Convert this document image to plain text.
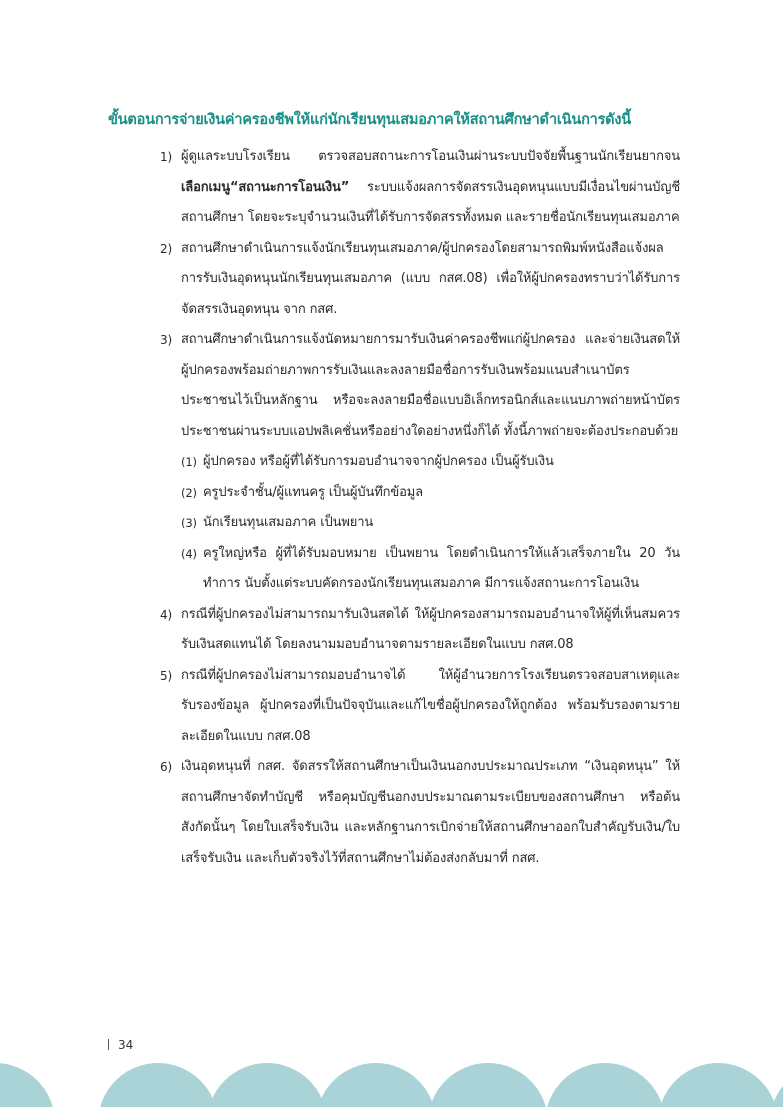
ขั้นตอนการจ่ายเงินค่าครองชีพให้แก่นักเรียนทุนเสมอภาคให้สถานศึกษาดำเนินการดังนี้
1) ผู้ดูแลระบบโรงเรียน ตรวจสอบสถานะการโอนเงินผ่านระบบปัจจัยพื้นฐานนักเรียนยากจน เลือกเมนู“สถานะการโอนเงิน” ระบบแจ้งผลการจัดสรรเงินอุดหนุนแบบมีเงื่อนไขผ่านบัญชีสถานศึกษา โดยจะระบุจำนวนเงินที่ได้รับการจัดสรรทั้งหมด และรายชื่อนักเรียนทุนเสมอภาค
2) สถานศึกษาดำเนินการแจ้งนักเรียนทุนเสมอภาค/ผู้ปกครองโดยสามารถพิมพ์หนังสือแจ้งผลการรับเงินอุดหนุนนักเรียนทุนเสมอภาค (แบบ กสศ.08) เพื่อให้ผู้ปกครองทราบว่าได้รับการจัดสรรเงินอุดหนุน จาก กสศ.
3) สถานศึกษาดำเนินการแจ้งนัดหมายการมารับเงินค่าครองชีพแก่ผู้ปกครอง และจ่ายเงินสดให้ผู้ปกครองพร้อมถ่ายภาพการรับเงินและลงลายมือชื่อการรับเงินพร้อมแนบสำเนาบัตรประชาชนไว้เป็นหลักฐาน หรือจะลงลายมือชื่อแบบอิเล็กทรอนิกส์และแนบภาพถ่ายหน้าบัตรประชาชนผ่านระบบแอปพลิเคชั่นหรืออย่างใดอย่างหนึ่งก็ได้ ทั้งนี้ภาพถ่ายจะต้องประกอบด้วย
(1) ผู้ปกครอง หรือผู้ที่ได้รับการมอบอำนาจจากผู้ปกครอง เป็นผู้รับเงิน
(2) ครูประจำชั้น/ผู้แทนครู เป็นผู้บันทึกข้อมูล
(3) นักเรียนทุนเสมอภาค เป็นพยาน
(4) ครูใหญ่หรือ ผู้ที่ได้รับมอบหมาย เป็นพยาน โดยดำเนินการให้แล้วเสร็จภายใน 20 วันทำการ นับตั้งแต่ระบบคัดกรองนักเรียนทุนเสมอภาค มีการแจ้งสถานะการโอนเงิน
4) กรณีที่ผู้ปกครองไม่สามารถมารับเงินสดได้ ให้ผู้ปกครองสามารถมอบอำนาจให้ผู้ที่เห็นสมควรรับเงินสดแทนได้ โดยลงนามมอบอำนาจตามรายละเอียดในแบบ กสศ.08
5) กรณีที่ผู้ปกครองไม่สามารถมอบอำนาจได้ ให้ผู้อำนวยการโรงเรียนตรวจสอบสาเหตุและรับรองข้อมูล ผู้ปกครองที่เป็นปัจจุบันและแก้ไขชื่อผู้ปกครองให้ถูกต้อง พร้อมรับรองตามรายละเอียดในแบบ กสศ.08
6) เงินอุดหนุนที่ กสศ. จัดสรรให้สถานศึกษาเป็นเงินนอกงบประมาณประเภท “เงินอุดหนุน” ให้สถานศึกษาจัดทำบัญชี หรือคุมบัญชีนอกงบประมาณตามระเบียบของสถานศึกษา หรือต้นสังกัดนั้นๆ โดยใบเสร็จรับเงิน และหลักฐานการเบิกจ่ายให้สถานศึกษาออกใบสำคัญรับเงิน/ใบเสร็จรับเงิน และเก็บตัวจริงไว้ที่สถานศึกษาไม่ต้องส่งกลับมาที่ กสศ.
34
